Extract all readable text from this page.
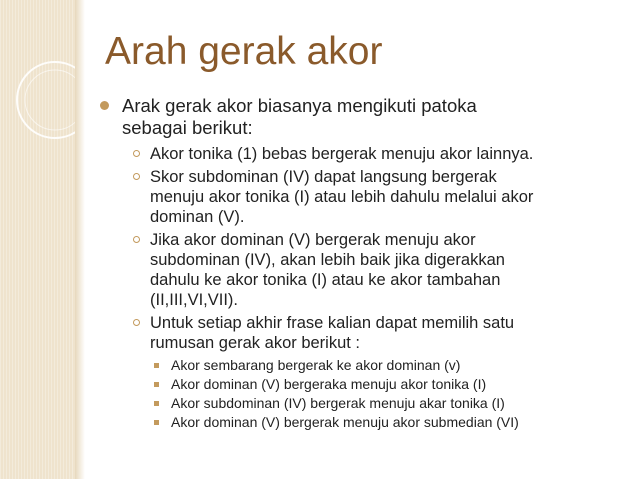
Arah gerak akor
Arak gerak akor biasanya mengikuti patoka
sebagai berikut:
Akor tonika (1) bebas bergerak menuju akor lainnya.
Skor subdominan (IV) dapat langsung bergerak
menuju akor tonika (I) atau lebih dahulu melalui akor
dominan (V).
Jika akor dominan (V) bergerak menuju akor
subdominan (IV), akan lebih baik jika digerakkan
dahulu ke akor tonika (I) atau ke akor tambahan
(II,III,VI,VII).
Untuk setiap akhir frase kalian dapat memilih satu
rumusan gerak akor berikut :
Akor sembarang bergerak ke akor dominan (v)
Akor dominan (V) bergeraka menuju akor tonika (I)
Akor subdominan (IV) bergerak menuju akar tonika (I)
Akor dominan (V) bergerak menuju akor submedian (VI)
